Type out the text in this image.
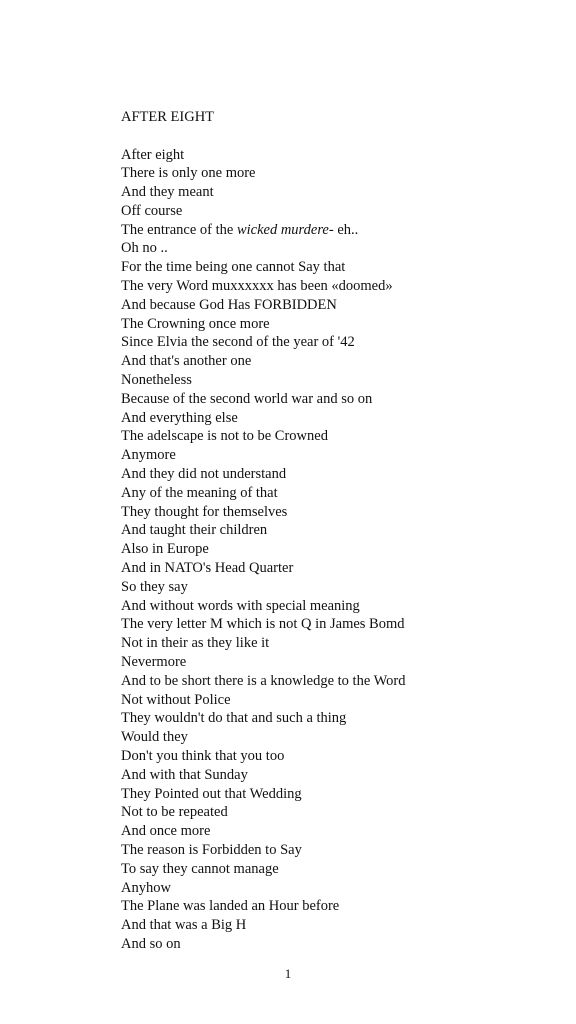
AFTER EIGHT
After eight
There is only one more
And they meant
Off course
The entrance of the wicked murdere- eh..
Oh no ..
For the time being one cannot Say that
The very Word muxxxxxx has been «doomed»
And because God Has FORBIDDEN
The Crowning once more
Since Elvia the second of the year of '42
And that's another one
Nonetheless
Because of the second world war and so on
And everything else
The adelscape is not to be Crowned
Anymore
And they did not understand
Any of the meaning of that
They thought for themselves
And taught their children
Also in Europe
And in NATO's Head Quarter
So they say
And without words with special meaning
The very letter M which is not Q in James Bomd
Not in their as they like it
Nevermore
And to be short there is a knowledge to the Word
Not without Police
They wouldn't do that and such a thing
Would they
Don't you think that you too
And with that Sunday
They Pointed out that Wedding
Not to be repeated
And once more
The reason is Forbidden to Say
To say they cannot manage
Anyhow
The Plane was landed an Hour before
And that was a Big H
And so on
1
